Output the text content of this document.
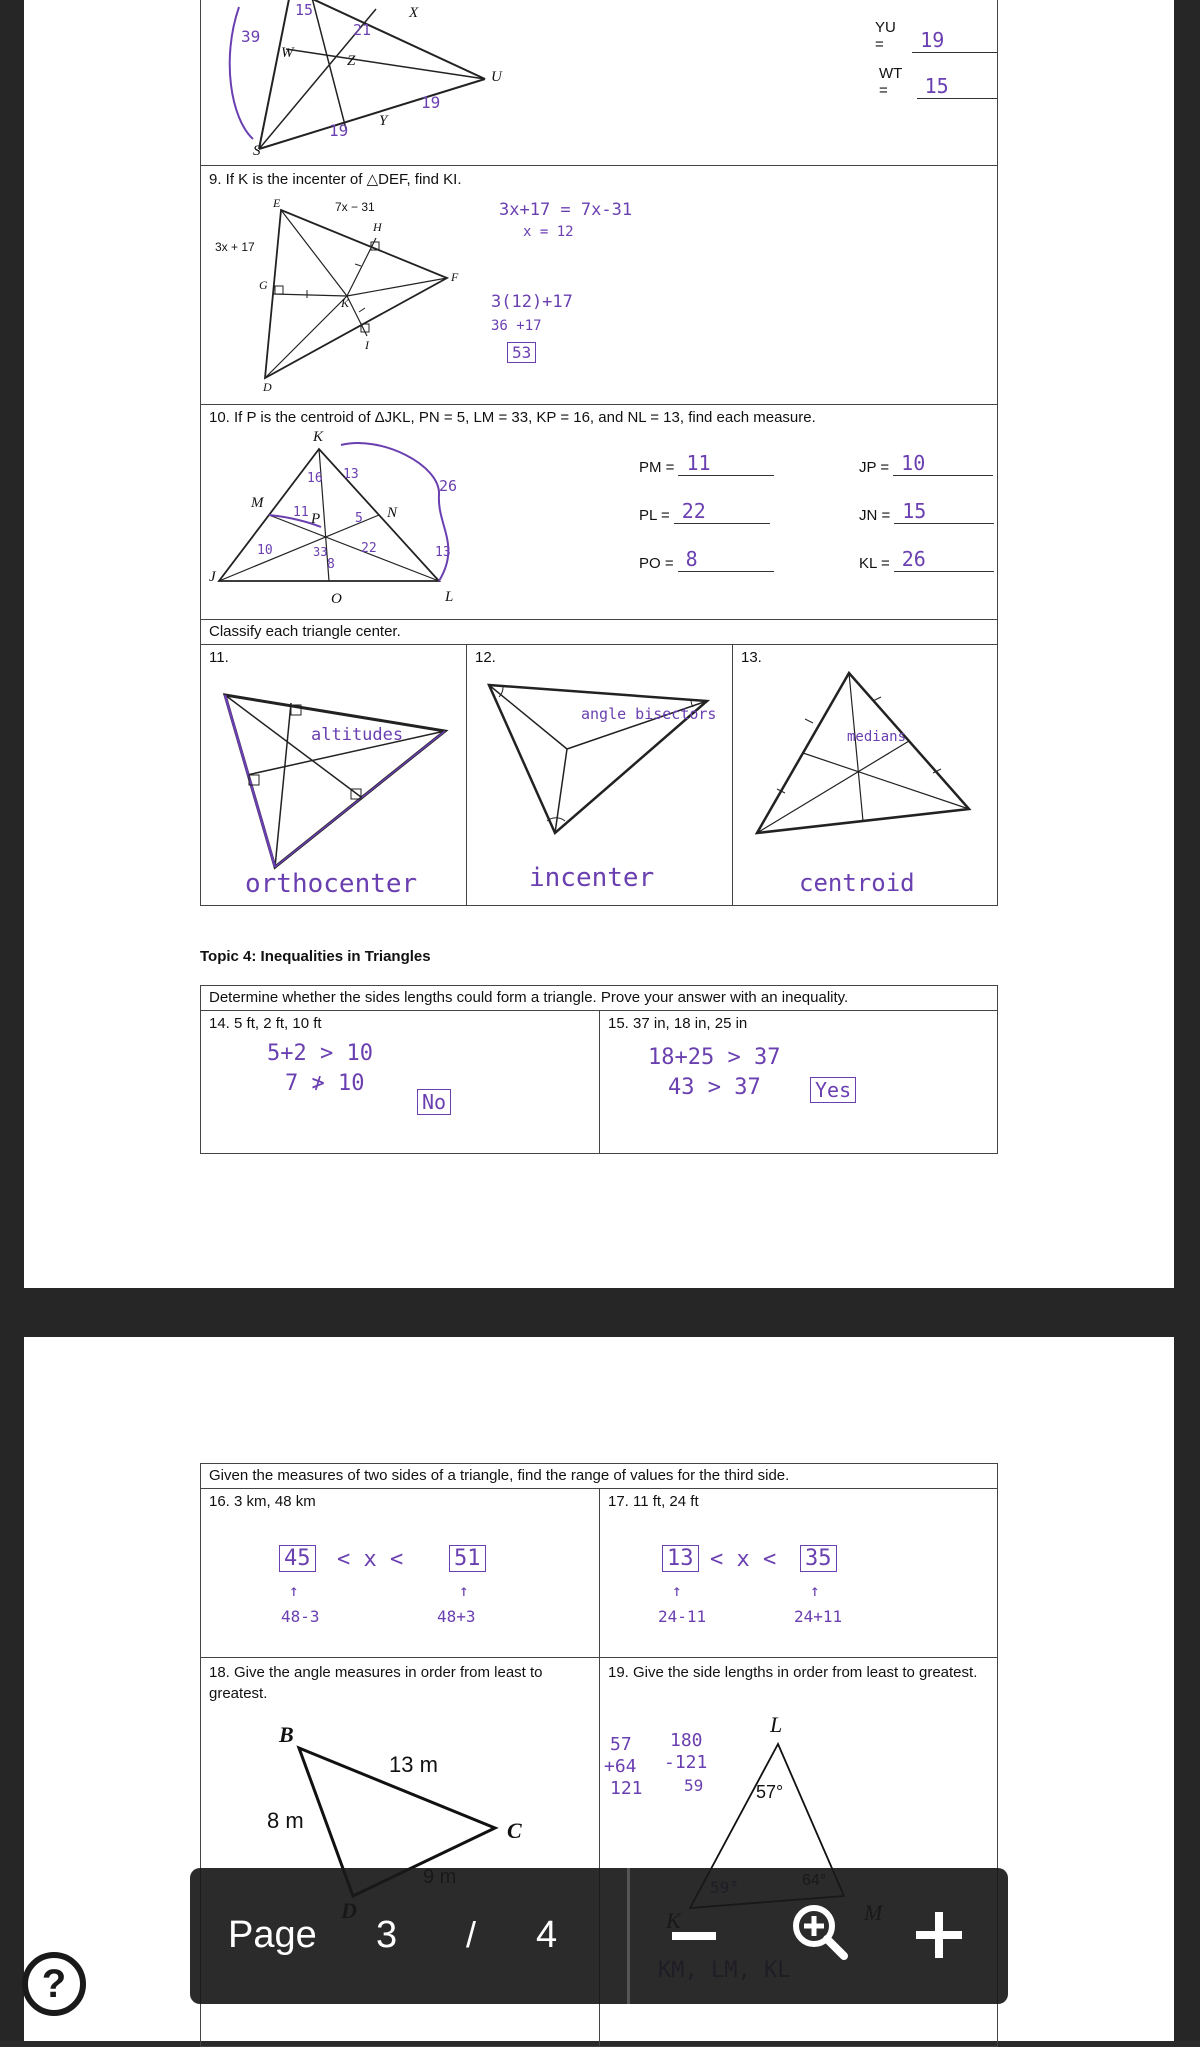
39
15
21
19
19
W	Z
X
U
S
Y
YU =	19
WT =	15
9. If K is the incenter of △DEF, find KI.
E
H
F
G
K
I
D
7x − 31
3x + 17
3x+17 = 7x-31
x = 12
3(12)+17
36 +17
53
10. If P is the centroid of ΔJKL, PN = 5, LM = 33, KP = 16, and NL = 13, find each measure.
K
M
P	N
J
O	L
16 13
26
11	5
10	33	22	13
8
PM = 11	JP = 10
PL = 22	JN = 15
PO = 8	KL = 26
Classify each triangle center.
11.
altitudes
orthocenter
12.
angle bisectors
incenter
13.
medians
centroid
Topic 4: Inequalities in Triangles
Determine whether the sides lengths could form a triangle. Prove your answer with an inequality.
14. 5 ft, 2 ft, 10 ft
5+2 > 10
7 ≯ 10
No
15. 37 in, 18 in, 25 in
18+25 > 37
43 > 37	Yes
Given the measures of two sides of a triangle, find the range of values for the third side.
16. 3 km, 48 km
45 < x < 51
↑	↑
48-3	48+3
17. 11 ft, 24 ft
13 < x < 35
↑	↑
24-11	24+11
18. Give the angle measures in order from least to greatest.
B
C
13 m
8 m
19. Give the side lengths in order from least to greatest.
L
57°
57
+64
121
180
-121
59
Page 3 / 4
?
